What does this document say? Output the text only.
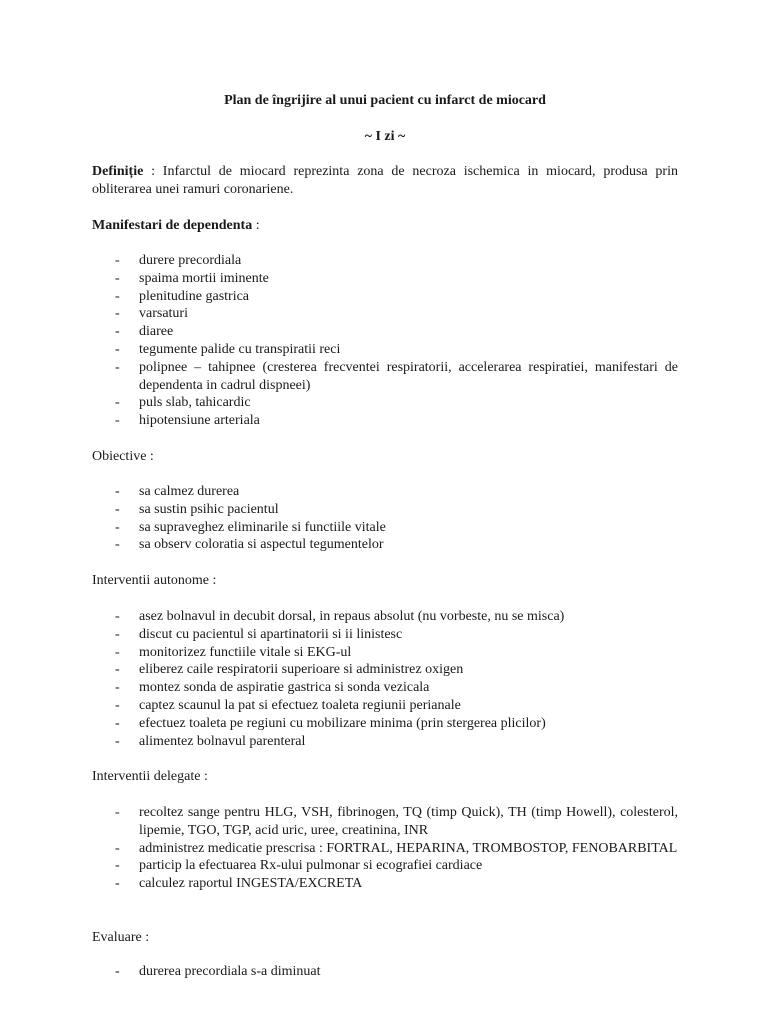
Plan de îngrijire al unui pacient cu infarct de miocard
~ I zi ~
Definiție : Infarctul de miocard reprezinta zona de necroza ischemica in miocard, produsa prin obliterarea unei ramuri coronariene.
Manifestari de dependenta :
- durere precordiala
- spaima mortii iminente
- plenitudine gastrica
- varsaturi
- diaree
- tegumente palide cu transpiratii reci
- polipnee – tahipnee (cresterea frecventei respiratorii, accelerarea respiratiei, manifestari de dependenta in cadrul dispneei)
- puls slab, tahicardic
- hipotensiune arteriala
Obiective :
- sa calmez durerea
- sa sustin psihic pacientul
- sa supraveghez eliminarile si functiile vitale
- sa observ coloratia si aspectul tegumentelor
Interventii autonome :
- asez bolnavul in decubit dorsal, in repaus absolut (nu vorbeste, nu se misca)
- discut cu pacientul si apartinatorii si ii linistesc
- monitorizez functiile vitale si EKG-ul
- eliberez caile respiratorii superioare si administrez oxigen
- montez sonda de aspiratie gastrica si sonda vezicala
- captez scaunul la pat si efectuez toaleta regiunii perianale
- efectuez toaleta pe regiuni cu mobilizare minima (prin stergerea plicilor)
- alimentez bolnavul parenteral
Interventii delegate :
- recoltez sange pentru HLG, VSH, fibrinogen, TQ (timp Quick), TH (timp Howell), colesterol, lipemie, TGO, TGP, acid uric, uree, creatinina, INR
- administrez medicatie prescrisa : FORTRAL, HEPARINA, TROMBOSTOP, FENOBARBITAL
- particip la efectuarea Rx-ului pulmonar si ecografiei cardiace
- calculez raportul INGESTA/EXCRETA
Evaluare :
- durerea precordiala s-a diminuat
